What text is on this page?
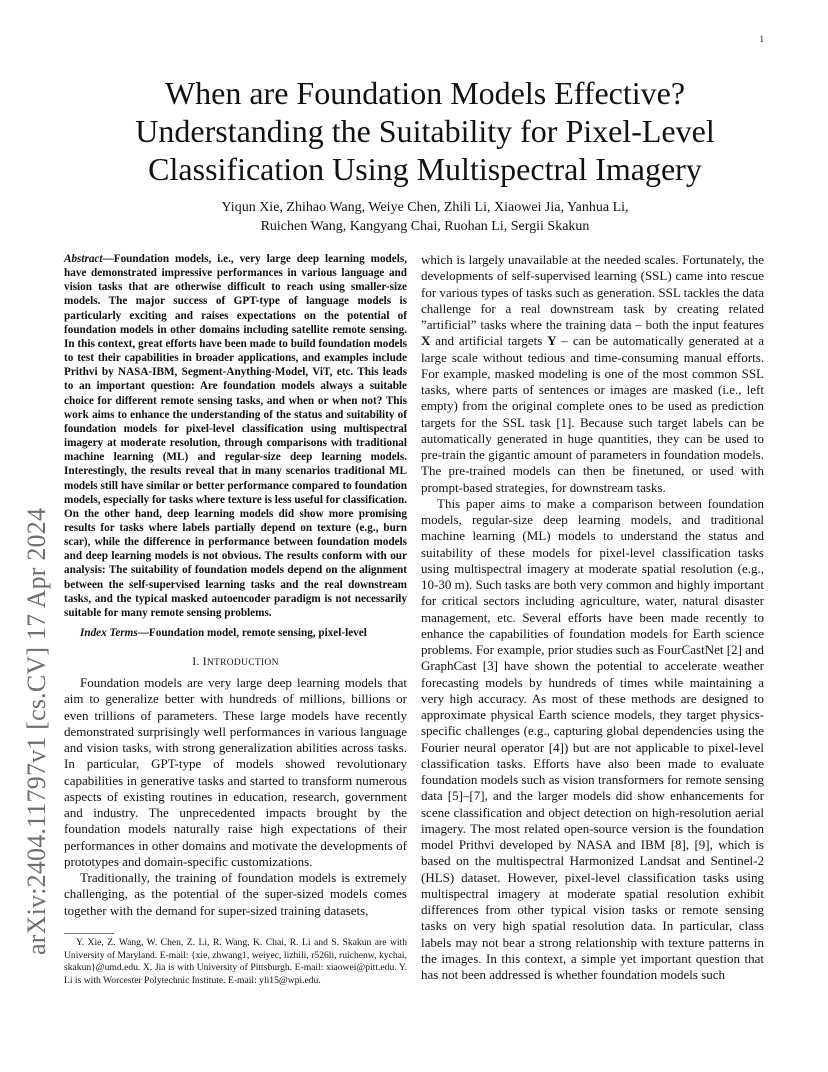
1
arXiv:2404.11797v1 [cs.CV] 17 Apr 2024
When are Foundation Models Effective?
Understanding the Suitability for Pixel-Level
Classification Using Multispectral Imagery
Yiqun Xie, Zhihao Wang, Weiye Chen, Zhili Li, Xiaowei Jia, Yanhua Li,
Ruichen Wang, Kangyang Chai, Ruohan Li, Sergii Skakun
Abstract—Foundation models, i.e., very large deep learning models, have demonstrated impressive performances in various language and vision tasks that are otherwise difficult to reach using smaller-size models. The major success of GPT-type of language models is particularly exciting and raises expectations on the potential of foundation models in other domains including satellite remote sensing. In this context, great efforts have been made to build foundation models to test their capabilities in broader applications, and examples include Prithvi by NASA-IBM, Segment-Anything-Model, ViT, etc. This leads to an important question: Are foundation models always a suitable choice for different remote sensing tasks, and when or when not? This work aims to enhance the understanding of the status and suitability of foundation models for pixel-level classification using multispectral imagery at moderate resolution, through comparisons with traditional machine learning (ML) and regular-size deep learning models. Interestingly, the results reveal that in many scenarios traditional ML models still have similar or better performance compared to foundation models, especially for tasks where texture is less useful for classification. On the other hand, deep learning models did show more promising results for tasks where labels partially depend on texture (e.g., burn scar), while the difference in performance between foundation models and deep learning models is not obvious. The results conform with our analysis: The suitability of foundation models depend on the alignment between the self-supervised learning tasks and the real downstream tasks, and the typical masked autoencoder paradigm is not necessarily suitable for many remote sensing problems.
Index Terms—Foundation model, remote sensing, pixel-level
I. INTRODUCTION

Foundation models are very large deep learning models that aim to generalize better with hundreds of millions, billions or even trillions of parameters. These large models have recently demonstrated surprisingly well performances in various language and vision tasks, with strong generalization abilities across tasks. In particular, GPT-type of models showed revolutionary capabilities in generative tasks and started to transform numerous aspects of existing routines in education, research, government and industry. The unprecedented impacts brought by the foundation models naturally raise high expectations of their performances in other domains and motivate the developments of prototypes and domain-specific customizations.

Traditionally, the training of foundation models is extremely challenging, as the potential of the super-sized models comes together with the demand for super-sized training datasets,

Y. Xie, Z. Wang, W. Chen, Z. Li, R. Wang, K. Chai, R. Li and S. Skakun are with University of Maryland. E-mail: {xie, zhwang1, weiyec, lizhili, r526li, ruichenw, kychai, skakun}@umd.edu. X. Jia is with University of Pittsburgh. E-mail: xiaowei@pitt.edu. Y. Li is with Worcester Polytechnic Institute. E-mail: yli15@wpi.edu.

which is largely unavailable at the needed scales. Fortunately, the developments of self-supervised learning (SSL) came into rescue for various types of tasks such as generation. SSL tackles the data challenge for a real downstream task by creating related ”artificial” tasks where the training data – both the input features X and artificial targets Y – can be automatically generated at a large scale without tedious and time-consuming manual efforts. For example, masked modeling is one of the most common SSL tasks, where parts of sentences or images are masked (i.e., left empty) from the original complete ones to be used as prediction targets for the SSL task [1]. Because such target labels can be automatically generated in huge quantities, they can be used to pre-train the gigantic amount of parameters in foundation models. The pre-trained models can then be finetuned, or used with prompt-based strategies, for downstream tasks.

This paper aims to make a comparison between foundation models, regular-size deep learning models, and traditional machine learning (ML) models to understand the status and suitability of these models for pixel-level classification tasks using multispectral imagery at moderate spatial resolution (e.g., 10-30 m). Such tasks are both very common and highly important for critical sectors including agriculture, water, natural disaster management, etc. Several efforts have been made recently to enhance the capabilities of foundation models for Earth science problems. For example, prior studies such as FourCastNet [2] and GraphCast [3] have shown the potential to accelerate weather forecasting models by hundreds of times while maintaining a very high accuracy. As most of these methods are designed to approximate physical Earth science models, they target physics-specific challenges (e.g., capturing global dependencies using the Fourier neural operator [4]) but are not applicable to pixel-level classification tasks. Efforts have also been made to evaluate foundation models such as vision transformers for remote sensing data [5]–[7], and the larger models did show enhancements for scene classification and object detection on high-resolution aerial imagery. The most related open-source version is the foundation model Prithvi developed by NASA and IBM [8], [9], which is based on the multispectral Harmonized Landsat and Sentinel-2 (HLS) dataset. However, pixel-level classification tasks using multispectral imagery at moderate spatial resolution exhibit differences from other typical vision tasks or remote sensing tasks on very high spatial resolution data. In particular, class labels may not bear a strong relationship with texture patterns in the images. In this context, a simple yet important question that has not been addressed is whether foundation models such
